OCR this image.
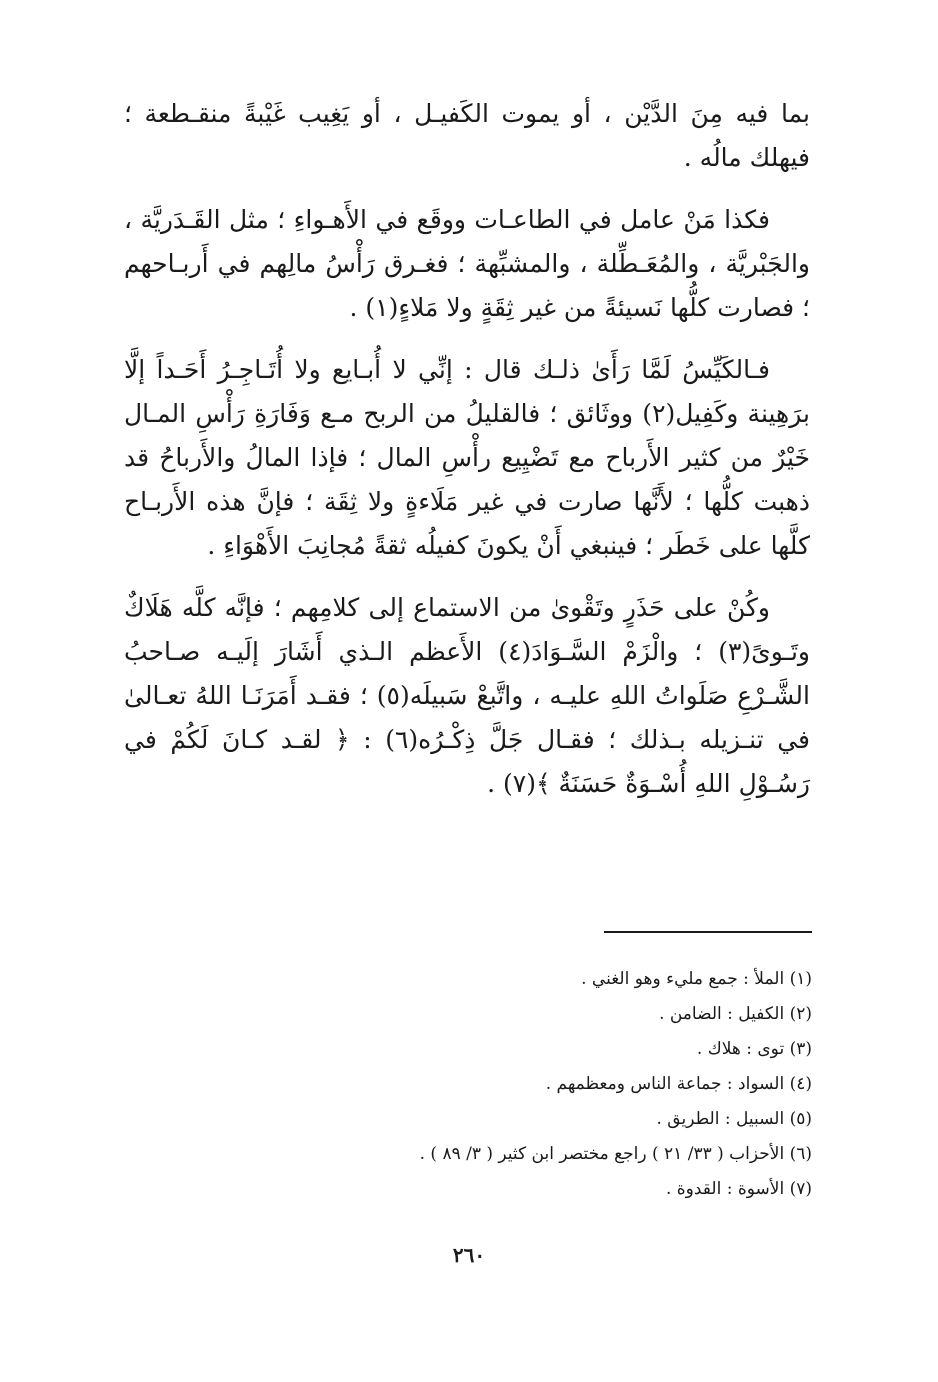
بما فيه مِنَ الدَّيْن ، أو يموت الكَفيـل ، أو يَغِيب غَيْبةً منقـطعة ؛ فيهلك مالُه .

فكذا مَنْ عامل في الطاعـات ووقَع في الأَهـواءِ ؛ مثل القَـدَريَّة ، والجَبْريَّة ، والمُعَـطِّلة ، والمشبِّهة ؛ فغـرق رَأْسُ مالِهم في أَربـاحهم ؛ فصارت كلُّها نَسيئةً من غير ثِقَةٍ ولا مَلاءٍ(١) .

فـالكَيِّسُ لَمَّا رَأَىٰ ذلـك قال : إنِّي لا أُبـايع ولا أُتَـاجِـرُ أَحَـداً إلَّا برَهِينة وكَفِيل(٢) ووثَائق ؛ فالقليلُ من الربح مـع وَفَارَةِ رَأْسِ المـال خَيْرٌ من كثير الأَرباح مع تَضْيِيع رأْسِ المال ؛ فإذا المالُ والأَرباحُ قد ذهبت كلُّها ؛ لأَنَّها صارت في غير مَلَاءةٍ ولا ثِقَة ؛ فإنَّ هذه الأَربـاح كلَّها على خَطَر ؛ فينبغي أَنْ يكونَ كفيلُه ثقةً مُجانِبَ الأَهْوَاءِ .

وكُنْ على حَذَرٍ وتَقْوىٰ من الاستماع إلى كلامِهم ؛ فإنَّه كلَّه هَلَاكٌ وتَـوىً(٣) ؛ والْزَمْ السَّـوَادَ(٤) الأَعظم الـذي أَشَارَ إلَيـه صـاحبُ الشَّـرْعِ صَلَواتُ اللهِ عليـه ، واتَّبعْ سَبيلَه(٥) ؛ فقـد أَمَرَنَـا اللهُ تعـالىٰ في تنـزيله بـذلك ؛ فقـال جَلَّ ذِكْـرُه(٦) : ﴿ لقـد كـانَ لَكُمْ في رَسُـوْلِ اللهِ أُسْـوَةٌ حَسَنَةٌ ﴾(٧) .

(١) الملأ : جمع مليء وهو الغني .
(٢) الكفيل : الضامن .
(٣) توى : هلاك .
(٤) السواد : جماعة الناس ومعظمهم .
(٥) السبيل : الطريق .
(٦) الأحزاب ( ٣٣/ ٢١ ) راجع مختصر ابن كثير ( ٣/ ٨٩ ) .
(٧) الأسوة : القدوة .
٢٦٠
